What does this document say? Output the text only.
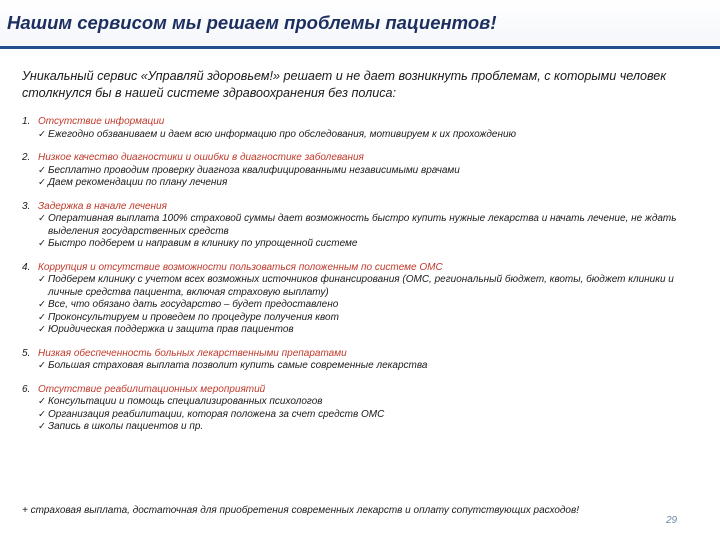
Нашим сервисом мы решаем проблемы пациентов!

Уникальный сервис «Управляй здоровьем!» решает и не дает возникнуть проблемам, с которыми человек столкнулся бы в нашей системе здравоохранения без полиса:

1. Отсутствие информации
✓ Ежегодно обзваниваем и даем всю информацию про обследования, мотивируем к их прохождению
2. Низкое качество диагностики и ошибки в диагностике заболевания
✓ Бесплатно проводим проверку диагноза квалифицированными независимыми врачами
✓ Даем рекомендации по плану лечения
3. Задержка в начале лечения
✓ Оперативная выплата 100% страховой суммы дает возможность быстро купить нужные лекарства и начать лечение, не ждать выделения государственных средств
✓ Быстро подберем и направим в клинику по упрощенной системе
4. Коррупция и отсутствие возможности пользоваться положенным по системе ОМС
✓ Подберем клинику с учетом всех возможных источников финансирования (ОМС, региональный бюджет, квоты, бюджет клиники и личные средства пациента, включая страховую выплату)
✓ Все, что обязано дать государство – будет предоставлено
✓ Проконсультируем и проведем по процедуре получения квот
✓ Юридическая поддержка и защита прав пациентов
5. Низкая обеспеченность больных лекарственными препаратами
✓ Большая страховая выплата позволит купить самые современные лекарства
6. Отсутствие реабилитационных мероприятий
✓ Консультации и помощь специализированных психологов
✓ Организация реабилитации, которая положена за счет средств ОМС
✓ Запись в школы пациентов и пр.

+ страховая выплата, достаточная для приобретения современных лекарств и оплату сопутствующих расходов!

29
